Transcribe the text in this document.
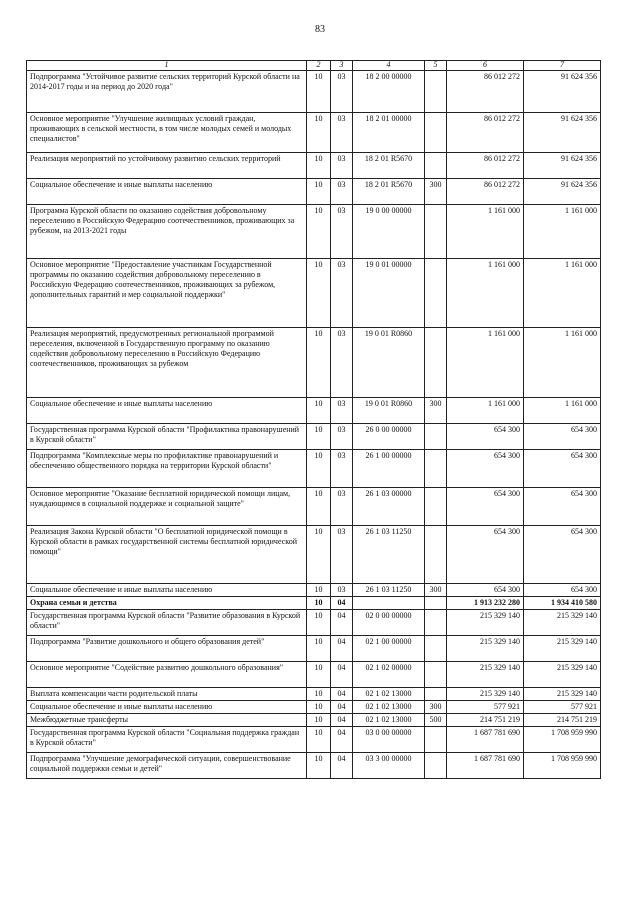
83
1	2	3	4	5	6	7
Подпрограмма "Устойчивое развитие сельских территорий Курской области на 2014-2017 годы и на период до 2020 года"	10	03	18 2 00 00000		86 012 272	91 624 356
Основное мероприятие "Улучшение жилищных условий граждан, проживающих в сельской местности, в том числе молодых семей и молодых специалистов"	10	03	18 2 01 00000		86 012 272	91 624 356
Реализация мероприятий по устойчивому развитию сельских территорий	10	03	18 2 01 R5670		86 012 272	91 624 356
Социальное обеспечение и иные выплаты населению	10	03	18 2 01 R5670	300	86 012 272	91 624 356
Программа Курской области по оказанию содействия добровольному переселению в Российскую Федерацию соотечественников, проживающих за рубежом, на 2013-2021 годы	10	03	19 0 00 00000		1 161 000	1 161 000
Основное мероприятие "Предоставление участникам Государственной программы по оказанию содействия добровольному переселению в Российскую Федерацию соотечественников, проживающих за рубежом, дополнительных гарантий и мер социальной поддержки"	10	03	19 0 01 00000		1 161 000	1 161 000
Реализация мероприятий, предусмотренных региональной программой переселения, включенной в Государственную программу по оказанию содействия добровольному переселению в Российскую Федерацию соотечественников, проживающих за рубежом	10	03	19 0 01 R0860		1 161 000	1 161 000
Социальное обеспечение и иные выплаты населению	10	03	19 0 01 R0860	300	1 161 000	1 161 000
Государственная программа Курской области "Профилактика правонарушений в Курской области"	10	03	26 0 00 00000		654 300	654 300
Подпрограмма "Комплексные меры по профилактике правонарушений и обеспечению общественного порядка на территории Курской области"	10	03	26 1 00 00000		654 300	654 300
Основное мероприятие "Оказание бесплатной юридической помощи лицам, нуждающимся в социальной поддержке и социальной защите"	10	03	26 1 03 00000		654 300	654 300
Реализация Закона Курской области "О бесплатной юридической помощи в Курской области в рамках государственной системы бесплатной юридической помощи"	10	03	26 1 03 11250		654 300	654 300
Социальное обеспечение и иные выплаты населению	10	03	26 1 03 11250	300	654 300	654 300
Охрана семьи и детства	10	04			1 913 232 280	1 934 410 580
Государственная программа Курской области "Развитие образования в Курской области"	10	04	02 0 00 00000		215 329 140	215 329 140
Подпрограмма "Развитие дошкольного и общего образования детей"	10	04	02 1 00 00000		215 329 140	215 329 140
Основное мероприятие "Содействие развитию дошкольного образования"	10	04	02 1 02 00000		215 329 140	215 329 140
Выплата компенсации части родительской платы	10	04	02 1 02 13000		215 329 140	215 329 140
Социальное обеспечение и иные выплаты населению	10	04	02 1 02 13000	300	577 921	577 921
Межбюджетные трансферты	10	04	02 1 02 13000	500	214 751 219	214 751 219
Государственная программа Курской области "Социальная поддержка граждан в Курской области"	10	04	03 0 00 00000		1 687 781 690	1 708 959 990
Подпрограмма "Улучшение демографической ситуации, совершенствование социальной поддержки семьи и детей"	10	04	03 3 00 00000		1 687 781 690	1 708 959 990
